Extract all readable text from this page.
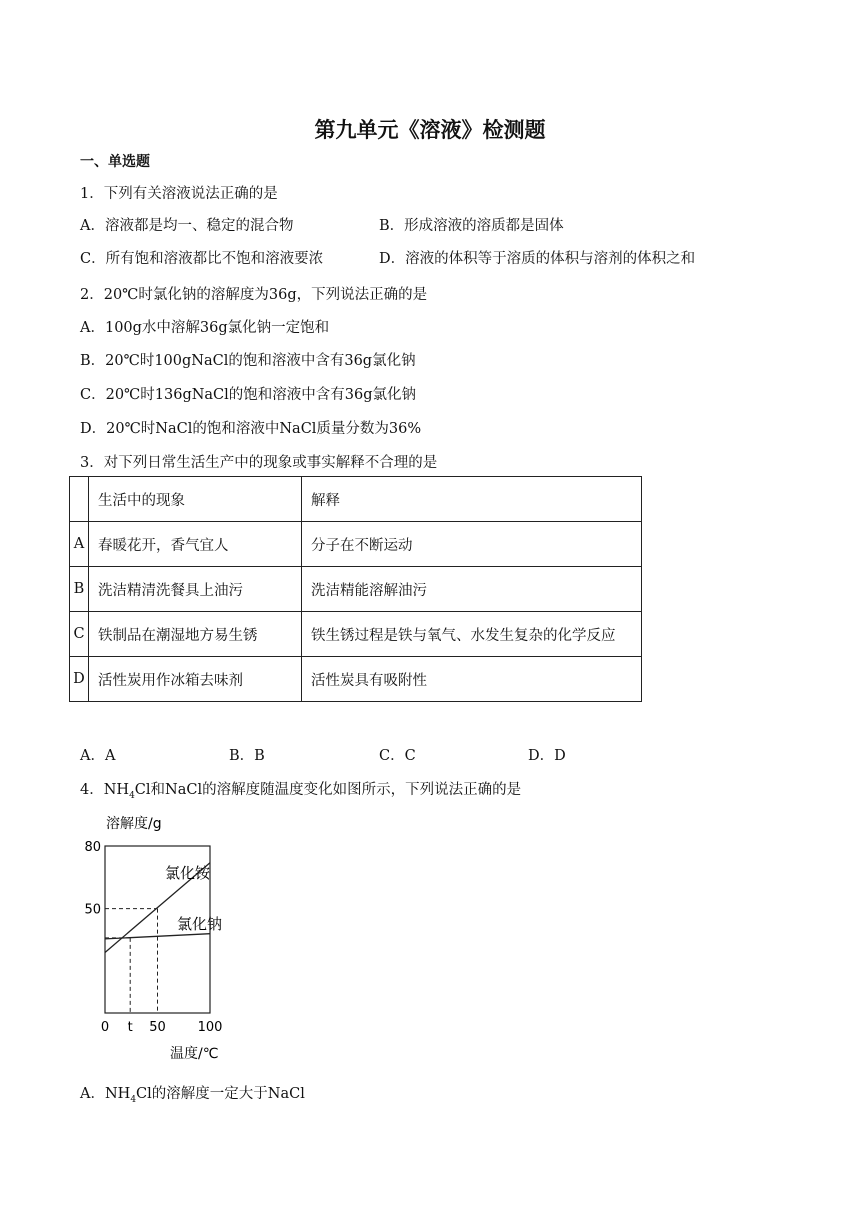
第九单元《溶液》检测题
一、单选题
1．下列有关溶液说法正确的是
A．溶液都是均一、稳定的混合物	B．形成溶液的溶质都是固体
C．所有饱和溶液都比不饱和溶液要浓	D．溶液的体积等于溶质的体积与溶剂的体积之和
2．20℃时氯化钠的溶解度为36g，下列说法正确的是
A．100g水中溶解36g氯化钠一定饱和
B．20℃时100gNaCl的饱和溶液中含有36g氯化钠
C．20℃时136gNaCl的饱和溶液中含有36g氯化钠
D．20℃时NaCl的饱和溶液中NaCl质量分数为36%
3．对下列日常生活生产中的现象或事实解释不合理的是
	生活中的现象	解释
A	春暖花开，香气宜人	分子在不断运动
B	洗洁精清洗餐具上油污	洗洁精能溶解油污
C	铁制品在潮湿地方易生锈	铁生锈过程是铁与氧气、水发生复杂的化学反应
D	活性炭用作冰箱去味剂	活性炭具有吸附性
A．A	B．B	C．C	D．D
4．$NH_4Cl$和NaCl的溶解度随温度变化如图所示，下列说法正确的是
溶解度/g
氯化铵
氯化钠
50
80
0 t 50 100
温度/℃
A．$NH_4Cl$的溶解度一定大于NaCl
